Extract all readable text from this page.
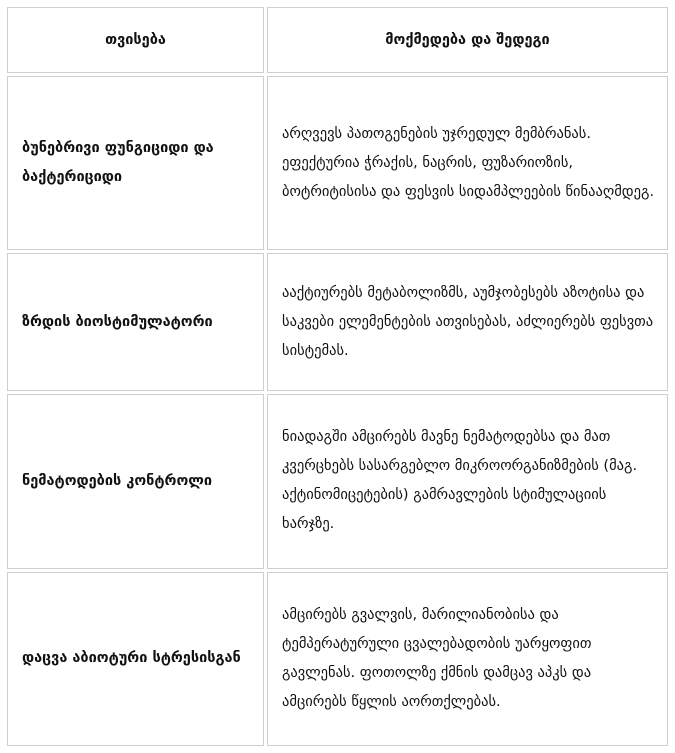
თვისება	მოქმედება და შედეგი
ბუნებრივი ფუნგიციდი და ბაქტერიციდი	არღვევს პათოგენების უჯრედულ მემბრანას. ეფექტურია ჭრაქის, ნაცრის, ფუზარიოზის, ბოტრიტისისა და ფესვის სიდამპლეების წინააღმდეგ.
ზრდის ბიოსტიმულატორი	ააქტიურებს მეტაბოლიზმს, აუმჯობესებს აზოტისა და საკვები ელემენტების ათვისებას, აძლიერებს ფესვთა სისტემას.
ნემატოდების კონტროლი	ნიადაგში ამცირებს მავნე ნემატოდებსა და მათ კვერცხებს სასარგებლო მიკროორგანიზმების (მაგ. აქტინომიცეტების) გამრავლების სტიმულაციის ხარჯზე.
დაცვა აბიოტური სტრესისგან	ამცირებს გვალვის, მარილიანობისა და ტემპერატურული ცვალებადობის უარყოფით გავლენას. ფოთოლზე ქმნის დამცავ აპკს და ამცირებს წყლის აორთქლებას.
